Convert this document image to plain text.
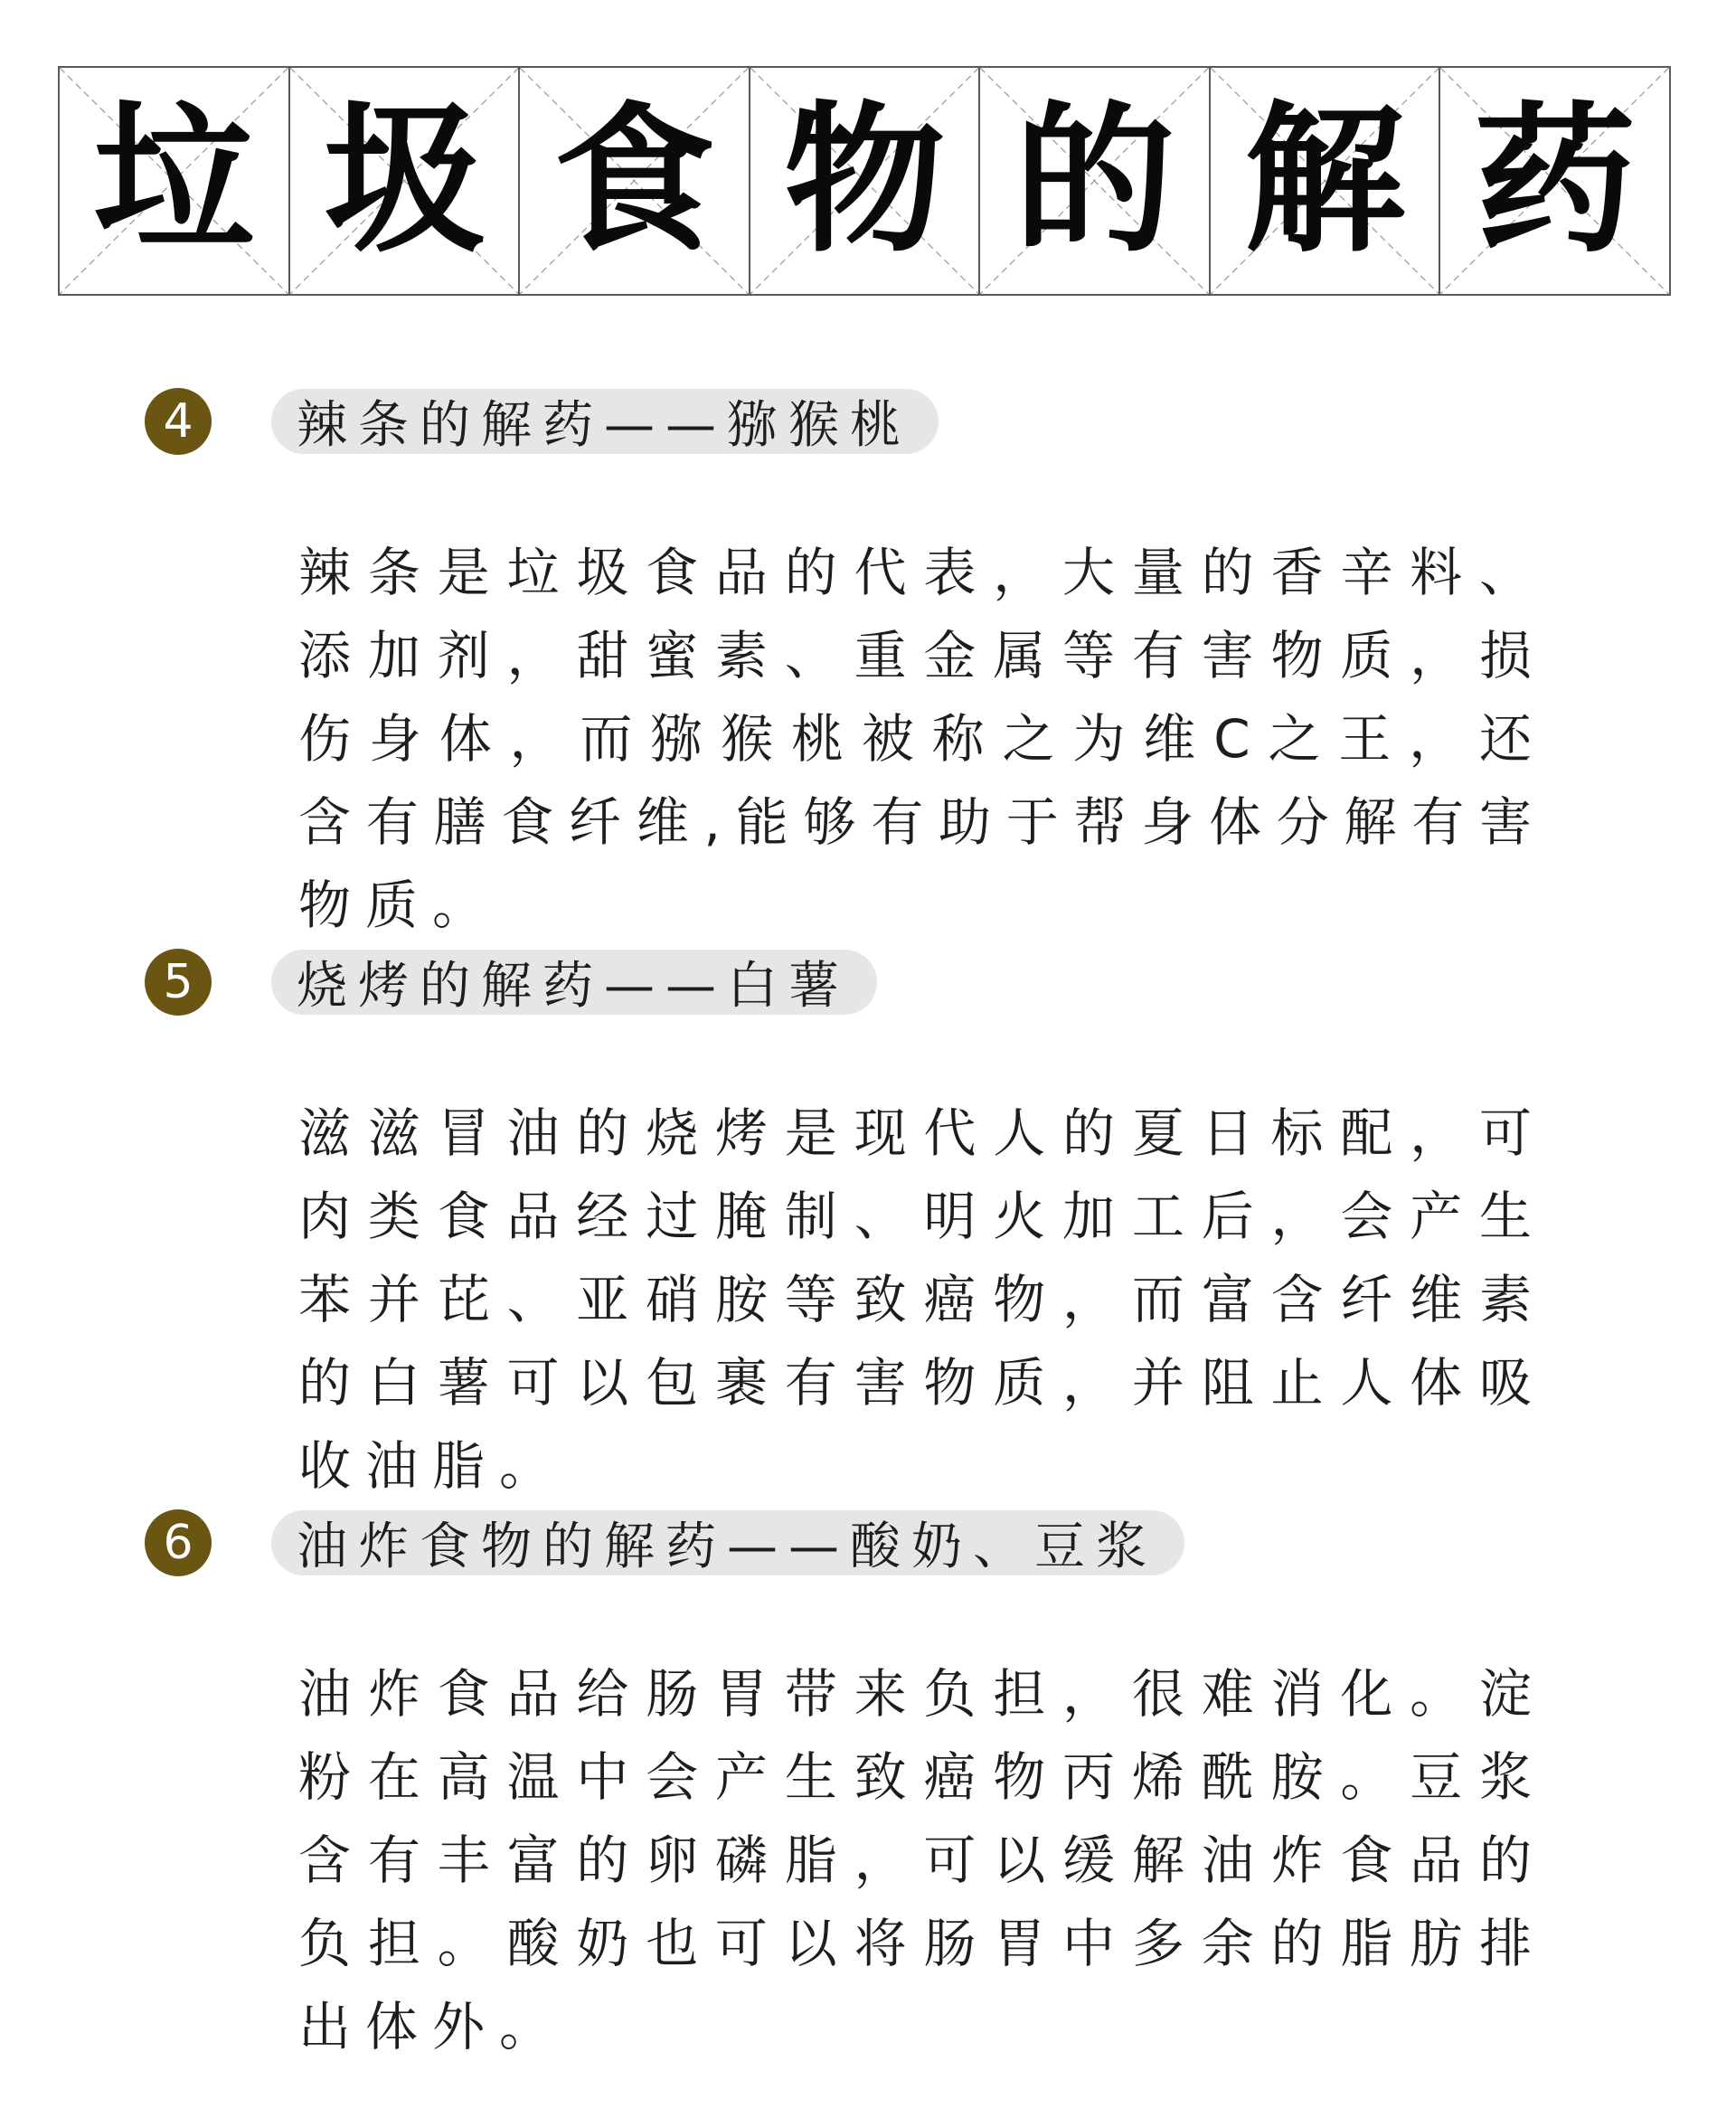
垃 圾 食 物 的 解 药
4	辣条的解药——猕猴桃

辣条是垃圾食品的代表，大量的香辛料、添加剂，甜蜜素、重金属等有害物质，损伤身体，而猕猴桃被称之为维C之王，还含有膳食纤维,能够有助于帮身体分解有害物质。

5	烧烤的解药——白薯

滋滋冒油的烧烤是现代人的夏日标配，可肉类食品经过腌制、明火加工后，会产生苯并芘、亚硝胺等致癌物，而富含纤维素的白薯可以包裹有害物质，并阻止人体吸收油脂。

6	油炸食物的解药——酸奶、豆浆

油炸食品给肠胃带来负担，很难消化。淀粉在高温中会产生致癌物丙烯酰胺。豆浆含有丰富的卵磷脂，可以缓解油炸食品的负担。酸奶也可以将肠胃中多余的脂肪排出体外。
